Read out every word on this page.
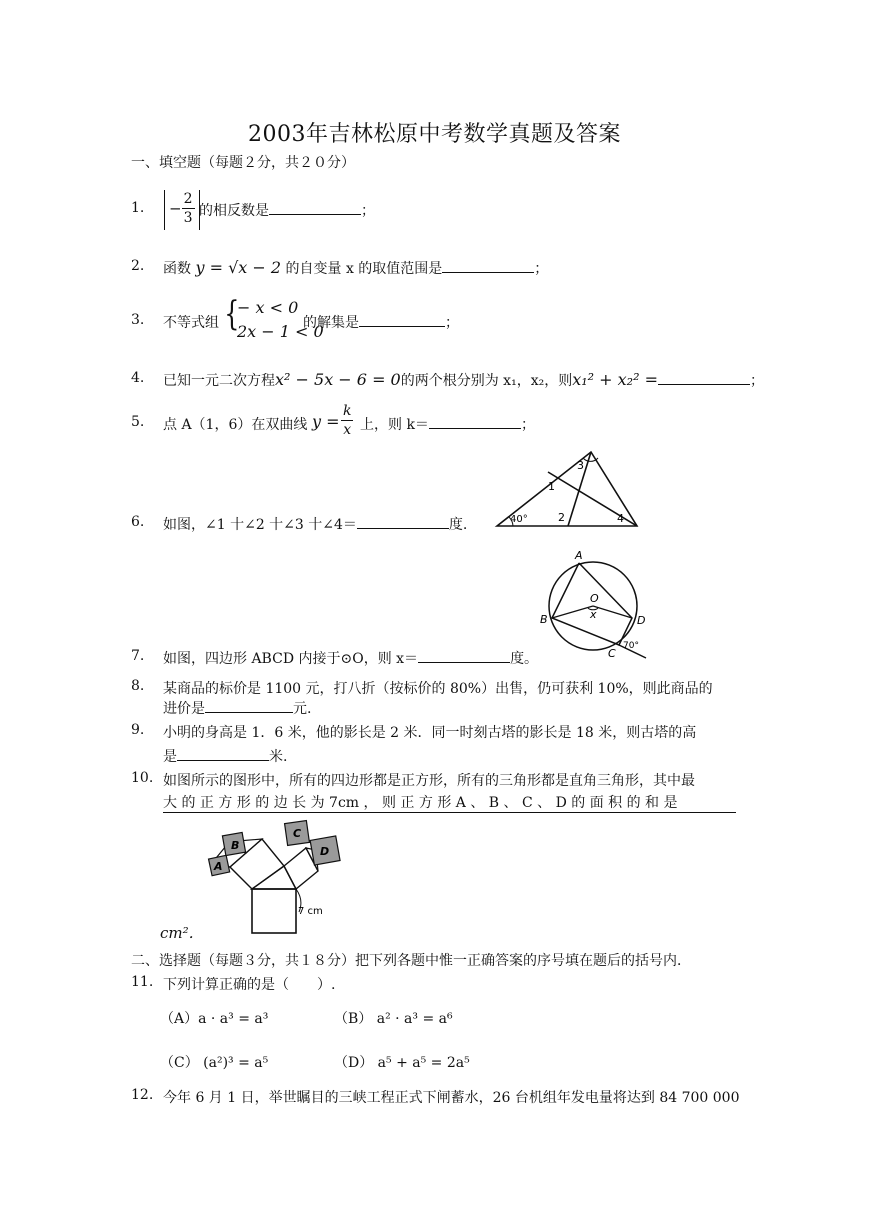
2003年吉林松原中考数学真题及答案
一、填空题（每题２分，共２０分）
1.	− $\frac{2}{3}$ 的相反数是	；
2.	函数 y = √x − 2 的自变量 x 的取值范围是	；
3.	不等式组 {
− x < 0
2x − 1 < 0
的解集是	；
4.	已知一元二次方程x² − 5x − 6 = 0的两个根分别为 x₁，x₂，则x₁² + x₂² =	；
5.	点 A（1，6）在双曲线 $y = \frac{k}{x}$ 上，则 k＝	；
3
1
40°	2	4
6.	如图，∠1 十∠2 十∠3 十∠4＝	度.
A
O
B	x	D
C
70°
7.	如图，四边形 ABCD 内接于⊙O，则 x＝	度。
8.	某商品的标价是 1100 元，打八折（按标价的 80%）出售，仍可获利 10%，则此商品的
进价是	元.
9.	小明的身高是 1．6 米，他的影长是 2 米．同一时刻古塔的影长是 18 米，则古塔的高
是	米.
10. 如图所示的图形中，所有的四边形都是正方形，所有的三角形都是直角三角形，其中最
大 的 正 方 形 的 边 长 为 7cm ， 则 正 方 形 A 、 B 、 C 、 D 的 面 积 的 和 是
B
C
D
A
7 cm
cm²．
二、选择题（每题３分，共１８分）把下列各题中惟一正确答案的序号填在题后的括号内．
11. 下列计算正确的是（　　）.
（A）a · a³ = a³	（B） a² · a³ = a⁶
（C） (a²)³ = a⁵	（D） a⁵ + a⁵ = 2a⁵
12. 今年 6 月 1 日，举世瞩目的三峡工程正式下闸蓄水，26 台机组年发电量将达到 84 700 000
